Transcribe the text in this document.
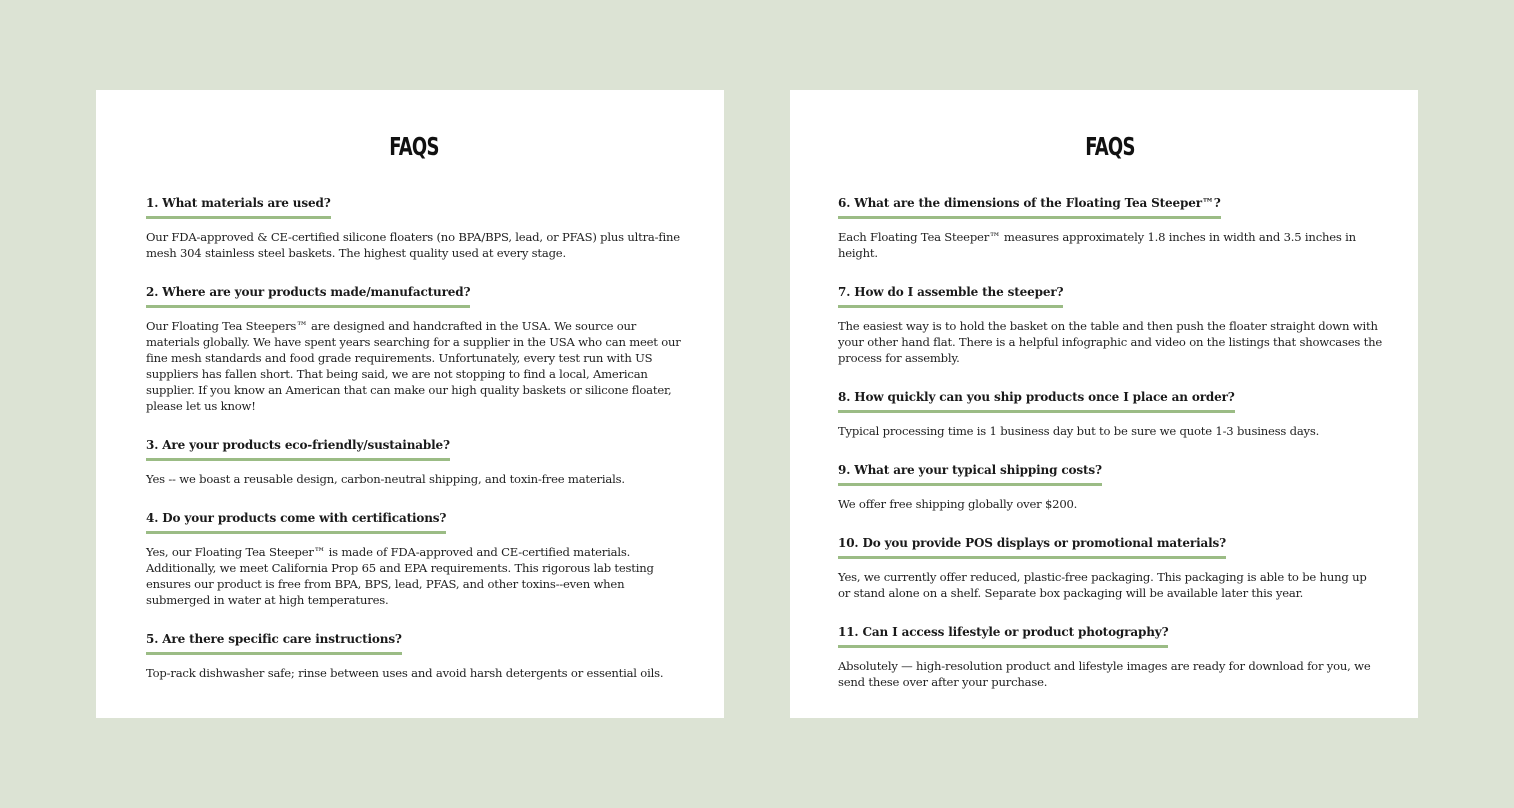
FAQS
1. What materials are used?

Our FDA-approved & CE-certified silicone floaters (no BPA/BPS, lead, or PFAS) plus ultra-fine mesh 304 stainless steel baskets. The highest quality used at every stage.

2. Where are your products made/manufactured?

Our Floating Tea Steepers™ are designed and handcrafted in the USA. We source our materials globally. We have spent years searching for a supplier in the USA who can meet our fine mesh standards and food grade requirements. Unfortunately, every test run with US suppliers has fallen short. That being said, we are not stopping to find a local, American supplier. If you know an American that can make our high quality baskets or silicone floater, please let us know!

3. Are your products eco-friendly/sustainable?

Yes -- we boast a reusable design, carbon-neutral shipping, and toxin-free materials.

4. Do your products come with certifications?

Yes, our Floating Tea Steeper™ is made of FDA-approved and CE-certified materials. Additionally, we meet California Prop 65 and EPA requirements. This rigorous lab testing ensures our product is free from BPA, BPS, lead, PFAS, and other toxins--even when submerged in water at high temperatures.

5. Are there specific care instructions?

Top-rack dishwasher safe; rinse between uses and avoid harsh detergents or essential oils.

FAQS
6. What are the dimensions of the Floating Tea Steeper™?

Each Floating Tea Steeper™ measures approximately 1.8 inches in width and 3.5 inches in height.

7. How do I assemble the steeper?

The easiest way is to hold the basket on the table and then push the floater straight down with your other hand flat. There is a helpful infographic and video on the listings that showcases the process for assembly.

8. How quickly can you ship products once I place an order?

Typical processing time is 1 business day but to be sure we quote 1-3 business days.

9. What are your typical shipping costs?

We offer free shipping globally over $200.

10. Do you provide POS displays or promotional materials?

Yes, we currently offer reduced, plastic-free packaging. This packaging is able to be hung up or stand alone on a shelf. Separate box packaging will be available later this year.

11. Can I access lifestyle or product photography?

Absolutely — high-resolution product and lifestyle images are ready for download for you, we send these over after your purchase.
